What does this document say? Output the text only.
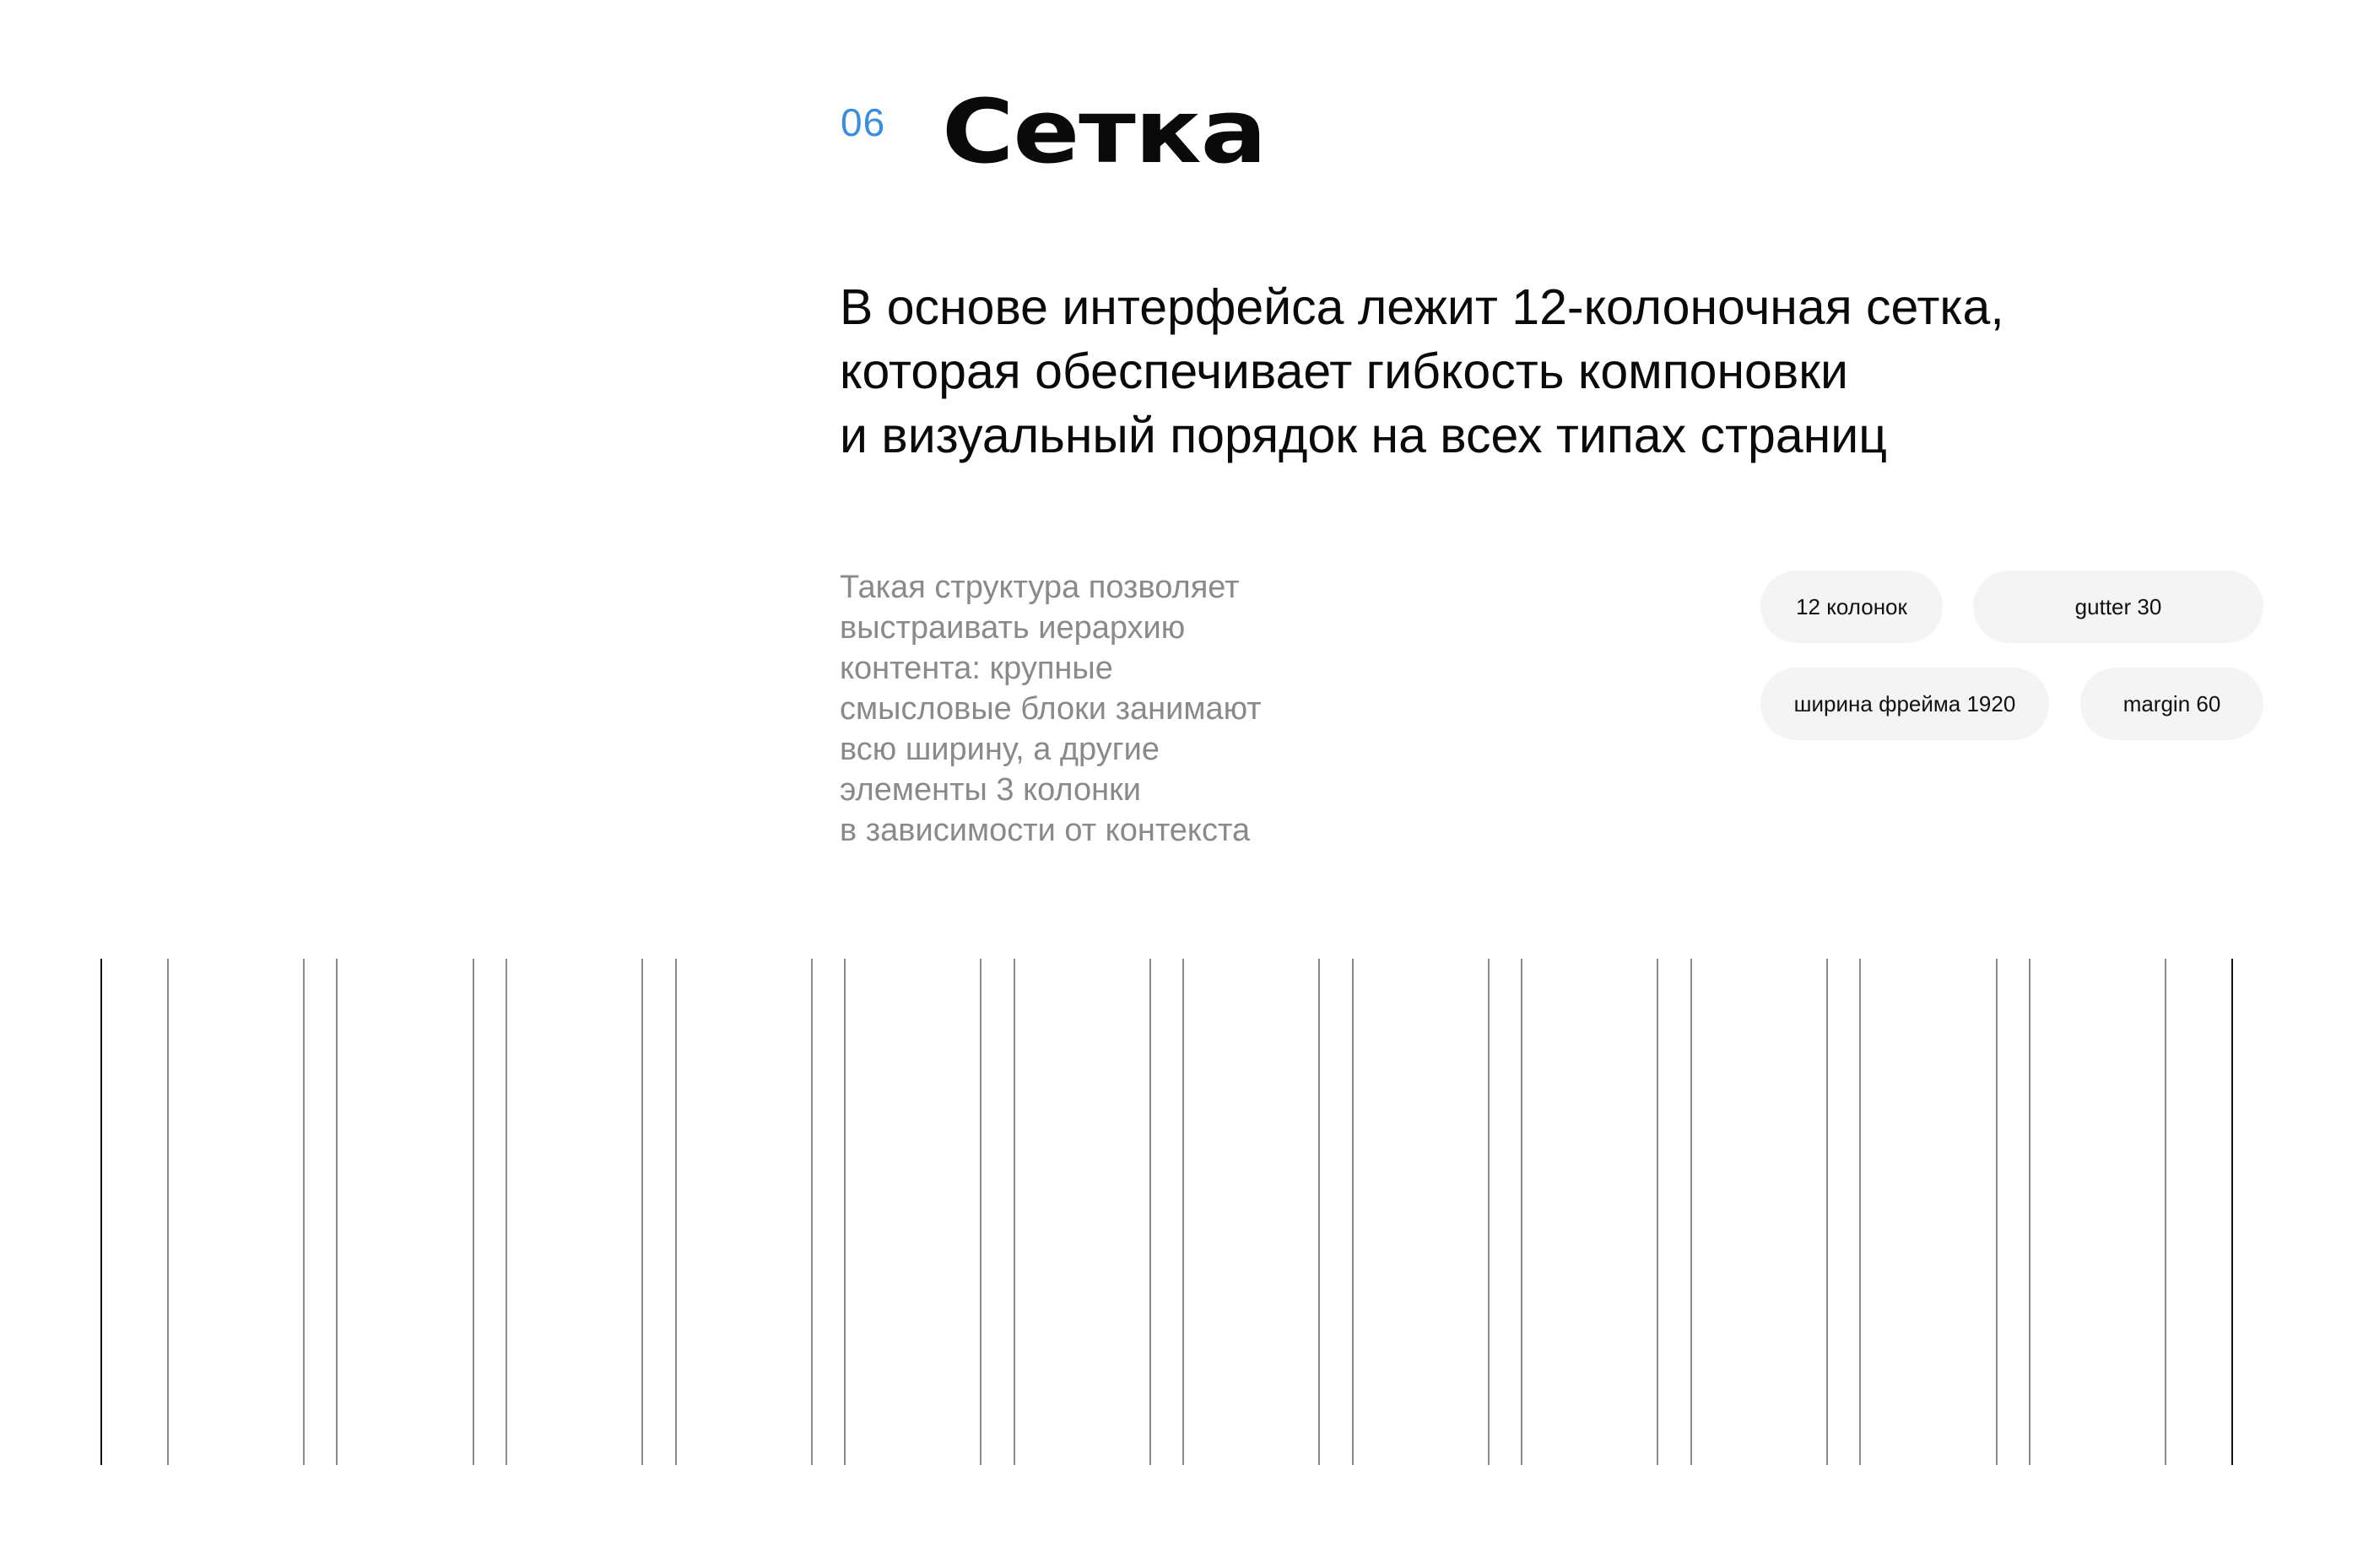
06 Сетка
В основе интерфейса лежит 12-колоночная сетка,
которая обеспечивает гибкость компоновки
и визуальный порядок на всех типах страниц
Такая структура позволяет
выстраивать иерархию
контента: крупные
смысловые блоки занимают
всю ширину, а другие
элементы 3 колонки
в зависимости от контекста
12 колонок	gutter 30
ширина фрейма 1920	margin 60
